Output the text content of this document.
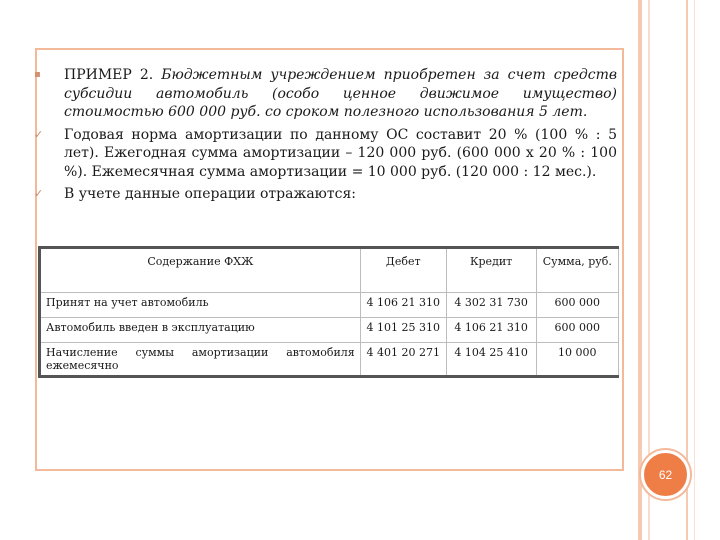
▪	ПРИМЕР 2. Бюджетным учреждением приобретен за счет средств субсидии автомобиль (особо ценное движимое имущество) стоимостью 600 000 руб. со сроком полезного использования 5 лет.
✓	Годовая норма амортизации по данному ОС составит 20 % (100 % : 5 лет). Ежегодная сумма амортизации – 120 000 руб. (600 000 х 20 % : 100 %). Ежемесячная сумма амортизации = 10 000 руб. (120 000 : 12 мес.).
✓	В учете данные операции отражаются:
Содержание ФХЖ	Дебет	Кредит	Сумма, руб.
Принят на учет автомобиль	4 106 21 310	4 302 31 730	600 000
Автомобиль введен в эксплуатацию	4 101 25 310	4 106 21 310	600 000

Начисление суммы амортизации автомобиля
ежемесячно	4 401 20 271	4 104 25 410	10 000
62
